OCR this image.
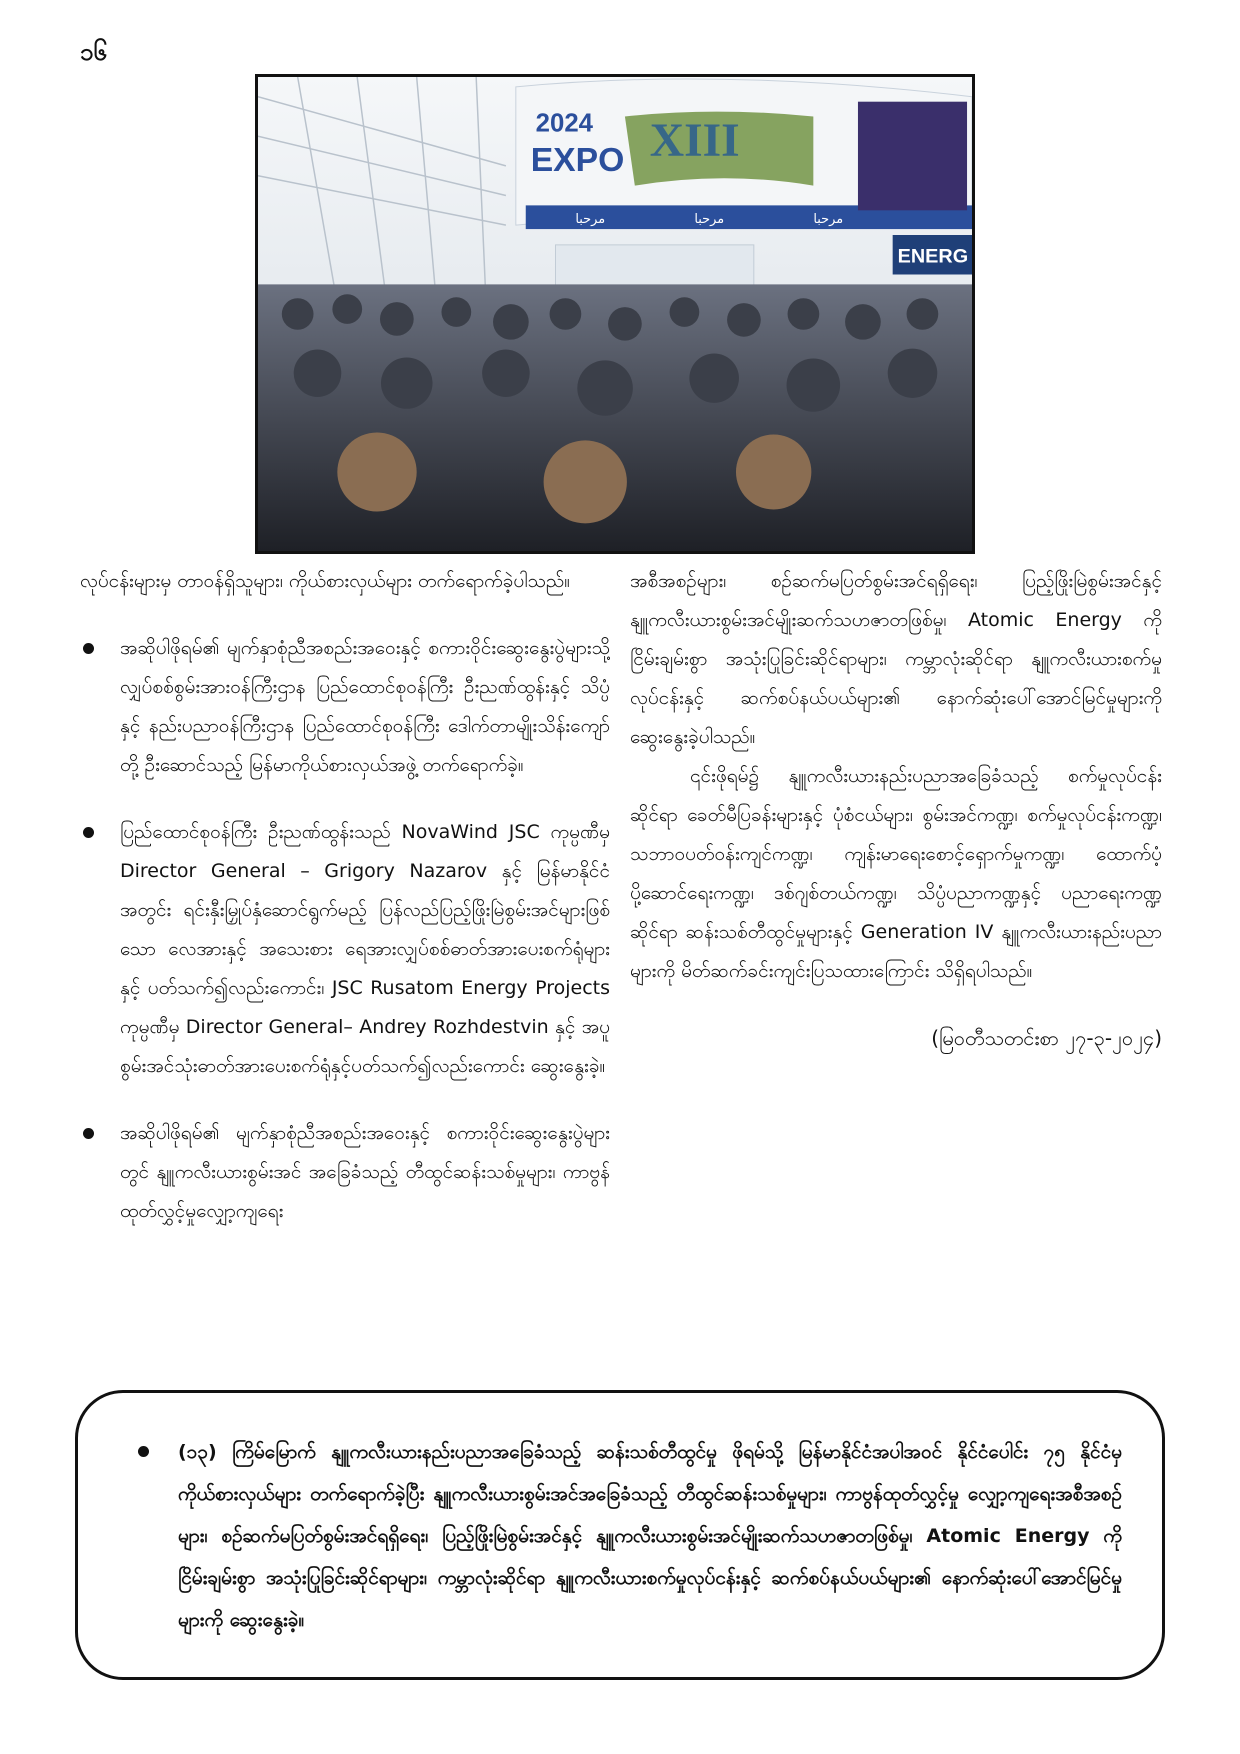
၁၆
2024
EXPO XIII
مرحبا	مرحبا	مرحبا
ENERG

လုပ်ငန်းများမှ တာဝန်ရှိသူများ၊ ကိုယ်စားလှယ်များ တက်ရောက်ခဲ့ပါသည်။

အဆိုပါဖိုရမ်၏ မျက်နှာစုံညီအစည်းအဝေးနှင့် စကားဝိုင်းဆွေးနွေးပွဲများသို့ လျှပ်စစ်စွမ်းအားဝန်ကြီးဌာန ပြည်ထောင်စုဝန်ကြီး ဦးညဏ်ထွန်းနှင့် သိပ္ပံနှင့် နည်းပညာဝန်ကြီးဌာန ပြည်ထောင်စုဝန်ကြီး ဒေါက်တာမျိုးသိန်းကျော်တို့ ဦးဆောင်သည့် မြန်မာကိုယ်စားလှယ်အဖွဲ့ တက်ရောက်ခဲ့။

ပြည်ထောင်စုဝန်ကြီး ဦးညဏ်ထွန်းသည် NovaWind JSC ကုမ္ပဏီမှ Director General – Grigory Nazarov နှင့် မြန်မာနိုင်ငံအတွင်း ရင်းနှီးမြှုပ်နှံဆောင်ရွက်မည့် ပြန်လည်ပြည့်ဖြိုးမြဲစွမ်းအင်များဖြစ်သော လေအားနှင့် အသေးစား ရေအားလျှပ်စစ်ဓာတ်အားပေးစက်ရုံများနှင့် ပတ်သက်၍လည်းကောင်း၊ JSC Rusatom Energy Projects ကုမ္ပဏီမှ Director General– Andrey Rozhdestvin နှင့် အပူစွမ်းအင်သုံးဓာတ်အားပေးစက်ရုံနှင့်ပတ်သက်၍လည်းကောင်း ဆွေးနွေးခဲ့။

အဆိုပါဖိုရမ်၏ မျက်နှာစုံညီအစည်းအဝေးနှင့် စကားဝိုင်းဆွေးနွေးပွဲများတွင် နျူကလီးယားစွမ်းအင် အခြေခံသည့် တီထွင်ဆန်းသစ်မှုများ၊ ကာဗွန်ထုတ်လွှင့်မှုလျှော့ကျရေး

အစီအစဉ်များ၊ စဉ်ဆက်မပြတ်စွမ်းအင်ရရှိရေး၊ ပြည့်ဖြိုးမြဲစွမ်းအင်နှင့် နျူကလီးယားစွမ်းအင်မျိုးဆက်သဟဇာတဖြစ်မှု၊ Atomic Energy ကို ငြိမ်းချမ်းစွာ အသုံးပြုခြင်းဆိုင်ရာများ၊ ကမ္ဘာလုံးဆိုင်ရာ နျူကလီးယားစက်မှုလုပ်ငန်းနှင့် ဆက်စပ်နယ်ပယ်များ၏ နောက်ဆုံးပေါ်အောင်မြင်မှုများကို ဆွေးနွေးခဲ့ပါသည်။

၎င်းဖိုရမ်၌ နျူကလီးယားနည်းပညာအခြေခံသည့် စက်မှုလုပ်ငန်းဆိုင်ရာ ခေတ်မီပြခန်းများနှင့် ပုံစံငယ်များ၊ စွမ်းအင်ကဏ္ဍ၊ စက်မှုလုပ်ငန်းကဏ္ဍ၊ သဘာဝပတ်ဝန်းကျင်ကဏ္ဍ၊ ကျန်းမာရေးစောင့်ရှောက်မှုကဏ္ဍ၊ ထောက်ပံ့ပို့ဆောင်ရေးကဏ္ဍ၊ ဒစ်ဂျစ်တယ်ကဏ္ဍ၊ သိပ္ပံပညာကဏ္ဍနှင့် ပညာရေးကဏ္ဍဆိုင်ရာ ဆန်းသစ်တီထွင်မှုများနှင့် Generation IV နျူကလီးယားနည်းပညာများကို မိတ်ဆက်ခင်းကျင်းပြသထားကြောင်း သိရှိရပါသည်။

(မြဝတီသတင်းစာ ၂၇-၃-၂၀၂၄)

(၁၃) ကြိမ်မြောက် နျူကလီးယားနည်းပညာအခြေခံသည့် ဆန်းသစ်တီထွင်မှု ဖိုရမ်သို့ မြန်မာနိုင်ငံအပါအဝင် နိုင်ငံပေါင်း ၇၅ နိုင်ငံမှ ကိုယ်စားလှယ်များ တက်ရောက်ခဲ့ပြီး နျူကလီးယားစွမ်းအင်အခြေခံသည့် တီထွင်ဆန်းသစ်မှုများ၊ ကာဗွန်ထုတ်လွှင့်မှု လျှော့ကျရေးအစီအစဉ်များ၊ စဉ်ဆက်မပြတ်စွမ်းအင်ရရှိရေး၊ ပြည့်ဖြိုးမြဲစွမ်းအင်နှင့် နျူကလီးယားစွမ်းအင်မျိုးဆက်သဟဇာတဖြစ်မှု၊ Atomic Energy ကို ငြိမ်းချမ်းစွာ အသုံးပြုခြင်းဆိုင်ရာများ၊ ကမ္ဘာလုံးဆိုင်ရာ နျူကလီးယားစက်မှုလုပ်ငန်းနှင့် ဆက်စပ်နယ်ပယ်များ၏ နောက်ဆုံးပေါ်အောင်မြင်မှုများကို ဆွေးနွေးခဲ့။
